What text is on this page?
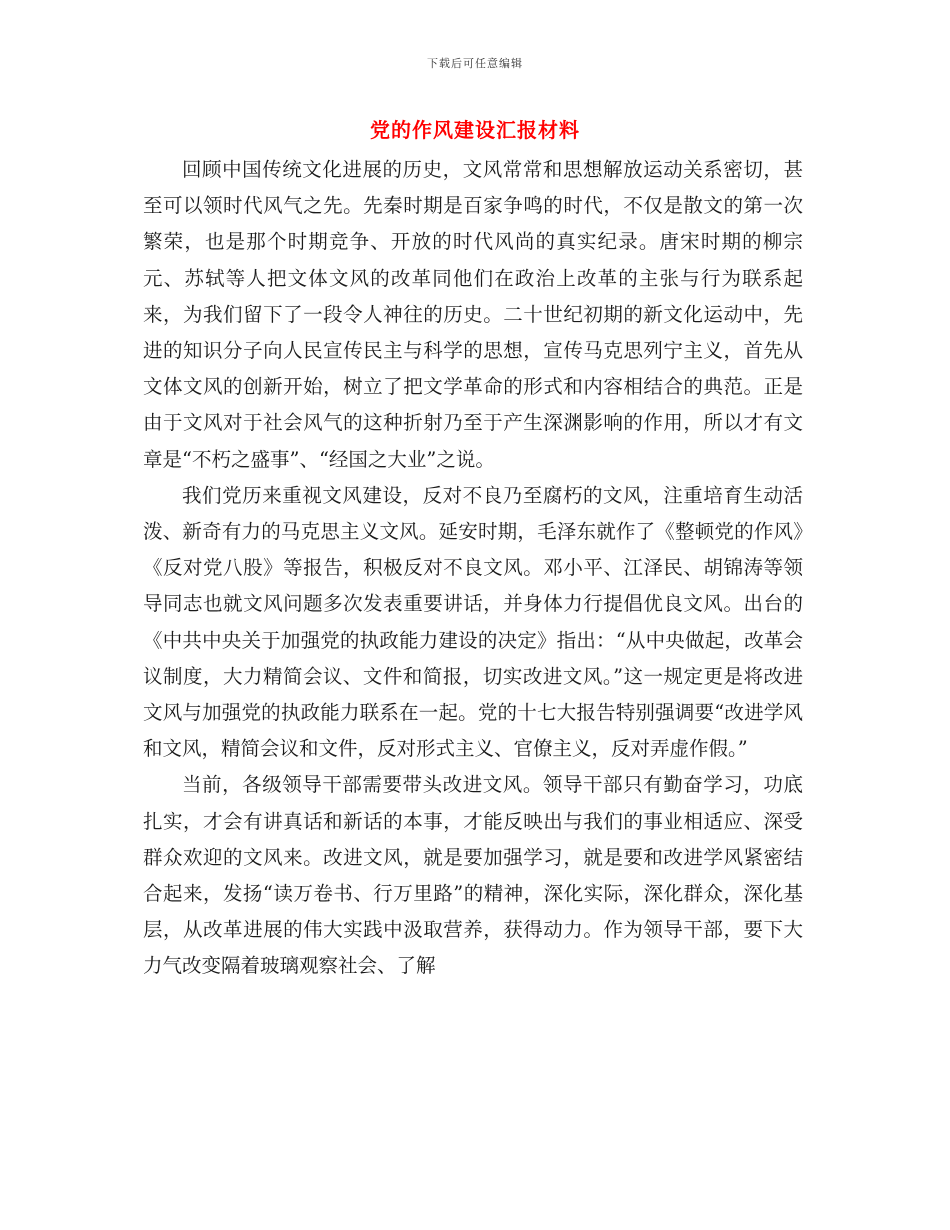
下载后可任意编辑
党的作风建设汇报材料

回顾中国传统文化进展的历史，文风常常和思想解放运动关系密切，甚至可以领时代风气之先。先秦时期是百家争鸣的时代，不仅是散文的第一次繁荣，也是那个时期竞争、开放的时代风尚的真实纪录。唐宋时期的柳宗元、苏轼等人把文体文风的改革同他们在政治上改革的主张与行为联系起来，为我们留下了一段令人神往的历史。二十世纪初期的新文化运动中，先进的知识分子向人民宣传民主与科学的思想，宣传马克思列宁主义，首先从文体文风的创新开始，树立了把文学革命的形式和内容相结合的典范。正是由于文风对于社会风气的这种折射乃至于产生深渊影响的作用，所以才有文章是“不朽之盛事”、“经国之大业”之说。

我们党历来重视文风建设，反对不良乃至腐朽的文风，注重培育生动活泼、新奇有力的马克思主义文风。延安时期，毛泽东就作了《整顿党的作风》《反对党八股》等报告，积极反对不良文风。邓小平、江泽民、胡锦涛等领导同志也就文风问题多次发表重要讲话，并身体力行提倡优良文风。出台的《中共中央关于加强党的执政能力建设的决定》指出：“从中央做起，改革会议制度，大力精简会议、文件和简报，切实改进文风。”这一规定更是将改进文风与加强党的执政能力联系在一起。党的十七大报告特别强调要“改进学风和文风，精简会议和文件，反对形式主义、官僚主义，反对弄虚作假。”

当前，各级领导干部需要带头改进文风。领导干部只有勤奋学习，功底扎实，才会有讲真话和新话的本事，才能反映出与我们的事业相适应、深受群众欢迎的文风来。改进文风，就是要加强学习，就是要和改进学风紧密结合起来，发扬“读万卷书、行万里路”的精神，深化实际，深化群众，深化基层，从改革进展的伟大实践中汲取营养，获得动力。作为领导干部，要下大力气改变隔着玻璃观察社会、了解
